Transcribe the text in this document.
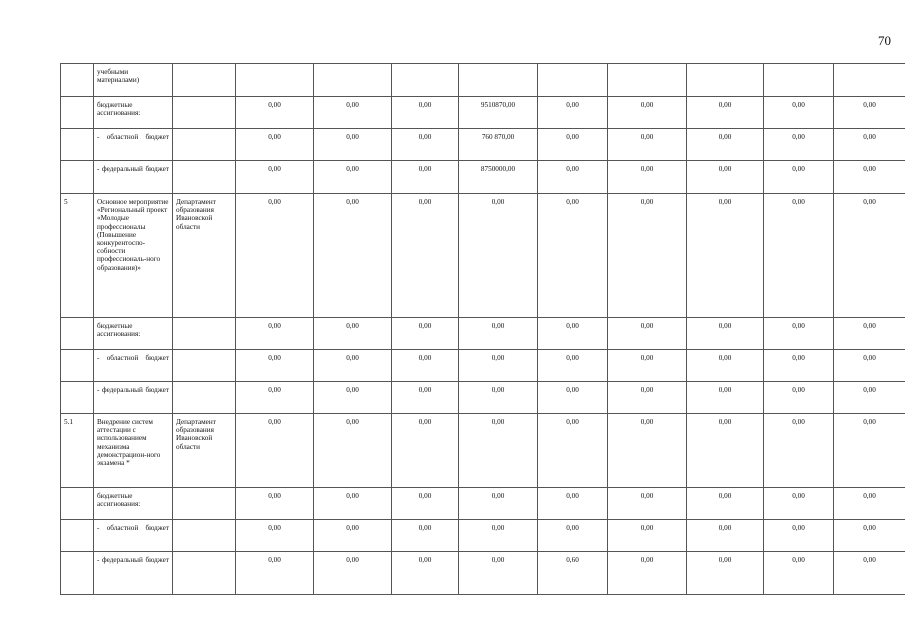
70
	учебными материалами)										
	бюджетные ассигнования:		0,00	0,00	0,00	9510870,00	0,00	0,00	0,00	0,00	0,00
	- областной бюджет		0,00	0,00	0,00	760 870,00	0,00	0,00	0,00	0,00	0,00
	- федеральный бюджет		0,00	0,00	0,00	8750000,00	0,00	0,00	0,00	0,00	0,00
5	Основное мероприятие «Региональный проект «Молодые профессионалы (Повышение конкурентоспо-собности профессиональ-ного образования)»	Департамент образования Ивановской области	0,00	0,00	0,00	0,00	0,00	0,00	0,00	0,00	0,00
	бюджетные ассигнования:		0,00	0,00	0,00	0,00	0,00	0,00	0,00	0,00	0,00
	- областной бюджет		0,00	0,00	0,00	0,00	0,00	0,00	0,00	0,00	0,00
	- федеральный бюджет		0,00	0,00	0,00	0,00	0,00	0,00	0,00	0,00	0,00
5.1	Внедрение систем аттестации с использованием механизма демонстрацион-ного экзамена *	Департамент образования Ивановской области	0,00	0,00	0,00	0,00	0,00	0,00	0,00	0,00	0,00
	бюджетные ассигнования:		0,00	0,00	0,00	0,00	0,00	0,00	0,00	0,00	0,00
	- областной бюджет		0,00	0,00	0,00	0,00	0,00	0,00	0,00	0,00	0,00
	- федеральный бюджет		0,00	0,00	0,00	0,00	0,60	0,00	0,00	0,00	0,00
